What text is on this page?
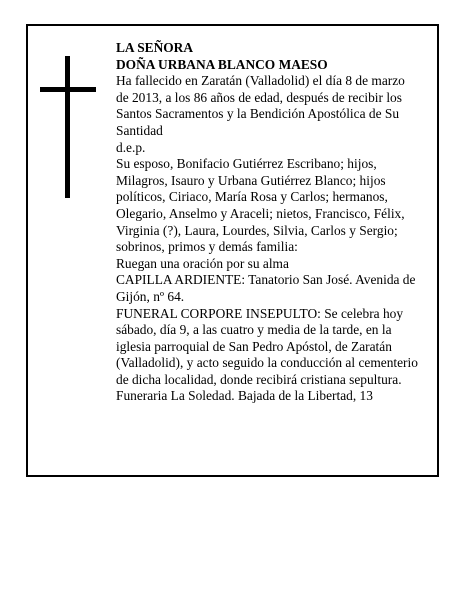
LA SEÑORA

DOÑA URBANA BLANCO MAESO

Ha fallecido en Zaratán (Valladolid) el día 8 de marzo de 2013, a los 86 años de edad, después de recibir los Santos Sacramentos y la Bendición Apostólica de Su Santidad

d.e.p.

Su esposo, Bonifacio Gutiérrez Escribano; hijos, Milagros, Isauro y Urbana Gutiérrez Blanco; hijos políticos, Ciriaco, María Rosa y Carlos; hermanos, Olegario, Anselmo y Araceli; nietos, Francisco, Félix, Virginia (?), Laura, Lourdes, Silvia, Carlos y Sergio; sobrinos, primos y demás familia:

Ruegan una oración por su alma

CAPILLA ARDIENTE: Tanatorio San José. Avenida de Gijón, nº 64.

FUNERAL CORPORE INSEPULTO: Se celebra hoy sábado, día 9, a las cuatro y media de la tarde, en la iglesia parroquial de San Pedro Apóstol, de Zaratán (Valladolid), y acto seguido la conducción al cementerio de dicha localidad, donde recibirá cristiana sepultura.

Funeraria La Soledad. Bajada de la Libertad, 13
